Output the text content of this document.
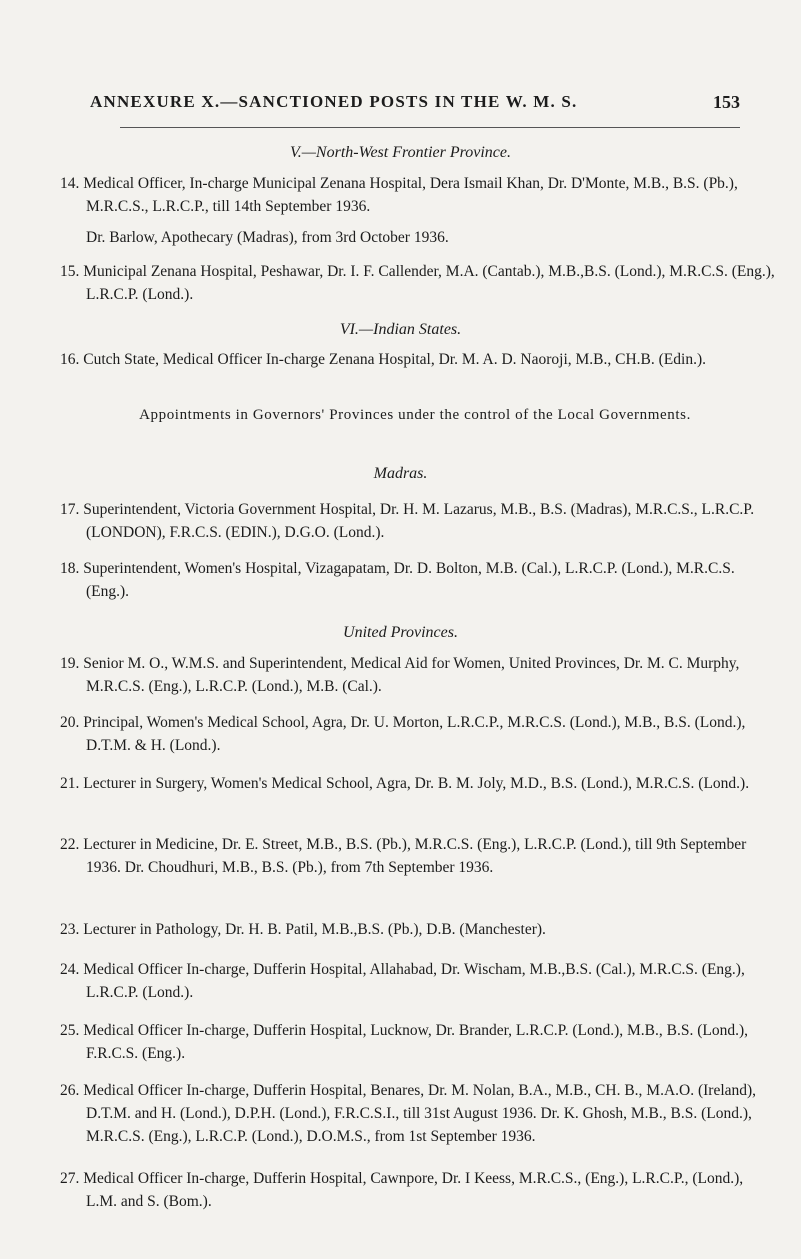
ANNEXURE X.—SANCTIONED POSTS IN THE W. M. S.	153
V.—North-West Frontier Province.
14. Medical Officer, In-charge Municipal Zenana Hospital, Dera Ismail Khan, Dr. D'Monte, M.B., B.S. (Pb.), M.R.C.S., L.R.C.P., till 14th September 1936.
Dr. Barlow, Apothecary (Madras), from 3rd October 1936.
15. Municipal Zenana Hospital, Peshawar, Dr. I. F. Callender, M.A. (Cantab.), M.B.,B.S. (Lond.), M.R.C.S. (Eng.), L.R.C.P. (Lond.).
VI.—Indian States.
16. Cutch State, Medical Officer In-charge Zenana Hospital, Dr. M. A. D. Naoroji, M.B., CH.B. (Edin.).
Appointments in Governors' Provinces under the control of the Local Governments.
Madras.
17. Superintendent, Victoria Government Hospital, Dr. H. M. Lazarus, M.B., B.S. (Madras), M.R.C.S., L.R.C.P. (LONDON), F.R.C.S. (EDIN.), D.G.O. (Lond.).
18. Superintendent, Women's Hospital, Vizagapatam, Dr. D. Bolton, M.B. (Cal.), L.R.C.P. (Lond.), M.R.C.S. (Eng.).
United Provinces.
19. Senior M. O., W.M.S. and Superintendent, Medical Aid for Women, United Provinces, Dr. M. C. Murphy, M.R.C.S. (Eng.), L.R.C.P. (Lond.), M.B. (Cal.).
20. Principal, Women's Medical School, Agra, Dr. U. Morton, L.R.C.P., M.R.C.S. (Lond.), M.B., B.S. (Lond.), D.T.M. & H. (Lond.).
21. Lecturer in Surgery, Women's Medical School, Agra, Dr. B. M. Joly, M.D., B.S. (Lond.), M.R.C.S. (Lond.).
22. Lecturer in Medicine, Dr. E. Street, M.B., B.S. (Pb.), M.R.C.S. (Eng.), L.R.C.P. (Lond.), till 9th September 1936. Dr. Choudhuri, M.B., B.S. (Pb.), from 7th September 1936.
23. Lecturer in Pathology, Dr. H. B. Patil, M.B.,B.S. (Pb.), D.B. (Manchester).
24. Medical Officer In-charge, Dufferin Hospital, Allahabad, Dr. Wischam, M.B.,B.S. (Cal.), M.R.C.S. (Eng.), L.R.C.P. (Lond.).
25. Medical Officer In-charge, Dufferin Hospital, Lucknow, Dr. Brander, L.R.C.P. (Lond.), M.B., B.S. (Lond.), F.R.C.S. (Eng.).
26. Medical Officer In-charge, Dufferin Hospital, Benares, Dr. M. Nolan, B.A., M.B., CH. B., M.A.O. (Ireland), D.T.M. and H. (Lond.), D.P.H. (Lond.), F.R.C.S.I., till 31st August 1936. Dr. K. Ghosh, M.B., B.S. (Lond.), M.R.C.S. (Eng.), L.R.C.P. (Lond.), D.O.M.S., from 1st September 1936.
27. Medical Officer In-charge, Dufferin Hospital, Cawnpore, Dr. I Keess, M.R.C.S., (Eng.), L.R.C.P., (Lond.), L.M. and S. (Bom.).
